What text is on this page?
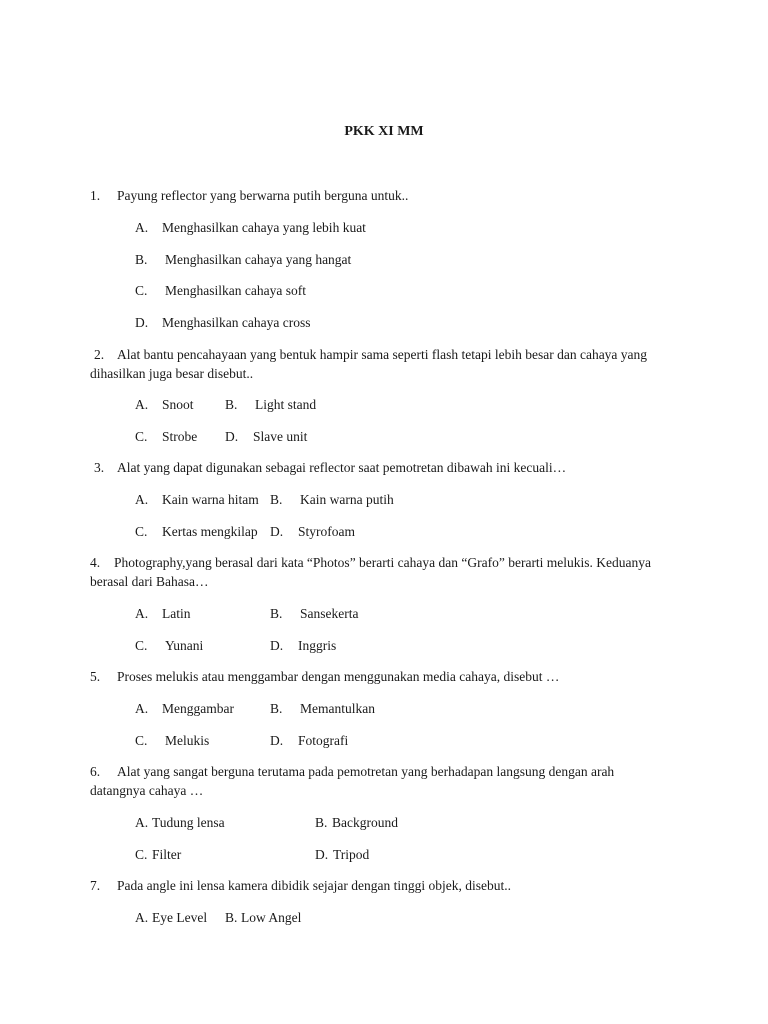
PKK XI MM
1. Payung reflector yang berwarna putih berguna untuk..
A. Menghasilkan cahaya yang lebih kuat
B. Menghasilkan cahaya yang hangat
C. Menghasilkan cahaya soft
D. Menghasilkan cahaya cross
2. Alat bantu pencahayaan yang bentuk hampir sama seperti flash tetapi lebih besar dan cahaya yang
dihasilkan juga besar disebut..
A. Snoot B. Light stand
C. Strobe D. Slave unit
3. Alat yang dapat digunakan sebagai reflector saat pemotretan dibawah ini kecuali…
A. Kain warna hitam B. Kain warna putih
C. Kertas mengkilap D. Styrofoam
4. Photography,yang berasal dari kata “Photos” berarti cahaya dan “Grafo” berarti melukis. Keduanya
berasal dari Bahasa…
A. Latin	B. Sansekerta
C. Yunani	D. Inggris
5. Proses melukis atau menggambar dengan menggunakan media cahaya, disebut …
A. Menggambar	B. Memantulkan
C. Melukis	D. Fotografi
6. Alat yang sangat berguna terutama pada pemotretan yang berhadapan langsung dengan arah
datangnya cahaya …
A. Tudung lensa	B. Background
C. Filter	D. Tripod
7. Pada angle ini lensa kamera dibidik sejajar dengan tinggi objek, disebut..
A. Eye Level B. Low Angel
